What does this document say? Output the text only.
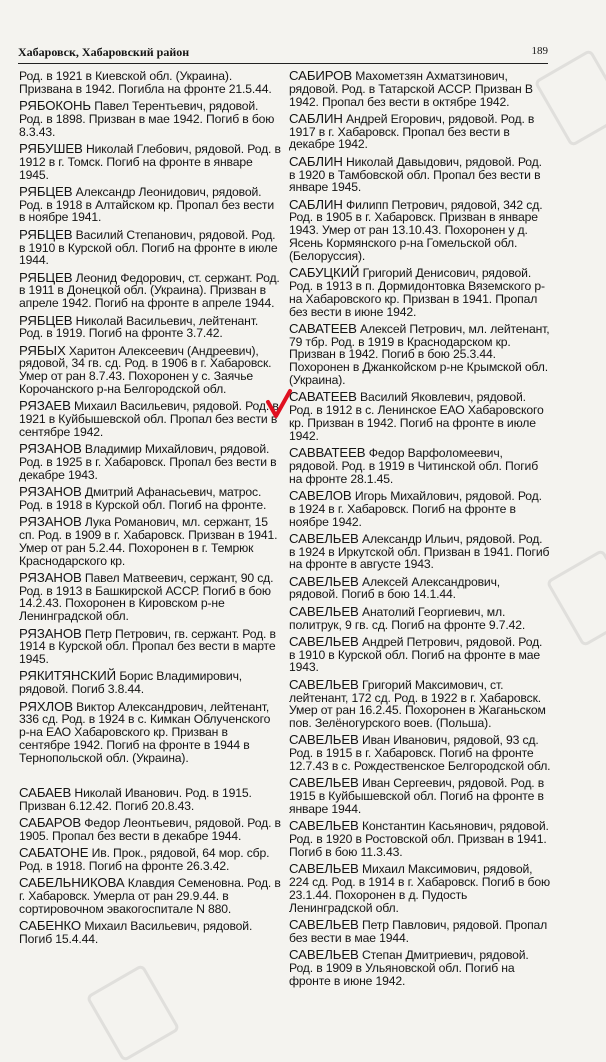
Хабаровск, Хабаровский район	189
Род. в 1921 в Киевской обл. (Украина). Призвана в 1942. Погибла на фронте 21.5.44.
РЯБОКОНЬ Павел Терентьевич, рядовой. Род. в 1898. Призван в мае 1942. Погиб в бою 8.3.43.
РЯБУШЕВ Николай Глебович, рядовой. Род. в 1912 в г. Томск. Погиб на фронте в январе 1945.
РЯБЦЕВ Александр Леонидович, рядовой. Род. в 1918 в Алтайском кр. Пропал без вести в ноябре 1941.
РЯБЦЕВ Василий Степанович, рядовой. Род. в 1910 в Курской обл. Погиб на фронте в июле 1944.
РЯБЦЕВ Леонид Федорович, ст. сержант. Род. в 1911 в Донецкой обл. (Украина). Призван в апреле 1942. Погиб на фронте в апреле 1944.
РЯБЦЕВ Николай Васильевич, лейтенант. Род. в 1919. Погиб на фронте 3.7.42.
РЯБЫХ Харитон Алексеевич (Андреевич), рядовой, 34 гв. сд. Род. в 1906 в г. Хабаровск. Умер от ран 8.7.43. Похоронен у с. Заячье Корочанского р-на Белгородской обл.
РЯЗАЕВ Михаил Васильевич, рядовой. Род. в 1921 в Куйбышевской обл. Пропал без вести в сентябре 1942.
РЯЗАНОВ Владимир Михайлович, рядовой. Род. в 1925 в г. Хабаровск. Пропал без вести в декабре 1943.
РЯЗАНОВ Дмитрий Афанасьевич, матрос. Род. в 1918 в Курской обл. Погиб на фронте.
РЯЗАНОВ Лука Романович, мл. сержант, 15 сп. Род. в 1909 в г. Хабаровск. Призван в 1941. Умер от ран 5.2.44. Похоронен в г. Темрюк Краснодарского кр.
РЯЗАНОВ Павел Матвеевич, сержант, 90 сд. Род. в 1913 в Башкирской АССР. Погиб в бою 14.2.43. Похоронен в Кировском р-не Ленинградской обл.
РЯЗАНОВ Петр Петрович, гв. сержант. Род. в 1914 в Курской обл. Пропал без вести в марте 1945.
РЯКИТЯНСКИЙ Борис Владимирович, рядовой. Погиб 3.8.44.
РЯХЛОВ Виктор Александрович, лейтенант, 336 сд. Род. в 1924 в с. Кимкан Облученского р-на ЕАО Хабаровского кр. Призван в сентябре 1942. Погиб на фронте в 1944 в Тернопольской обл. (Украина).
САБАЕВ Николай Иванович. Род. в 1915. Призван 6.12.42. Погиб 20.8.43.
САБАРОВ Федор Леонтьевич, рядовой. Род. в 1905. Пропал без вести в декабре 1944.
САБАТОНЕ Ив. Прок., рядовой, 64 мор. сбр. Род. в 1918. Погиб на фронте 26.3.42.
САБЕЛЬНИКОВА Клавдия Семеновна. Род. в г. Хабаровск. Умерла от ран 29.9.44. в сортировочном эвакогоспитале N 880.
САБЕНКО Михаил Васильевич, рядовой. Погиб 15.4.44.
САБИРОВ Махометзян Ахматзинович, рядовой. Род. в Татарской АССР. Призван В 1942. Пропал без вести в октябре 1942.
САБЛИН Андрей Егорович, рядовой. Род. в 1917 в г. Хабаровск. Пропал без вести в декабре 1942.
САБЛИН Николай Давыдович, рядовой. Род. в 1920 в Тамбовской обл. Пропал без вести в январе 1945.
САБЛИН Филипп Петрович, рядовой, 342 сд. Род. в 1905 в г. Хабаровск. Призван в январе 1943. Умер от ран 13.10.43. Похоронен у д. Ясень Кормянского р-на Гомельской обл. (Белоруссия).
САБУЦКИЙ Григорий Денисович, рядовой. Род. в 1913 в п. Дормидонтовка Вяземского р-на Хабаровского кр. Призван в 1941. Пропал без вести в июне 1942.
САВАТЕЕВ Алексей Петрович, мл. лейтенант, 79 тбр. Род. в 1919 в Краснодарском кр. Призван в 1942. Погиб в бою 25.3.44. Похоронен в Джанкойском р-не Крымской обл. (Украина).
САВАТЕЕВ Василий Яковлевич, рядовой. Род. в 1912 в с. Ленинское ЕАО Хабаровского кр. Призван в 1942. Погиб на фронте в июле 1942.
САВВАТЕЕВ Федор Варфоломеевич, рядовой. Род. в 1919 в Читинской обл. Погиб на фронте 28.1.45.
САВЕЛОВ Игорь Михайлович, рядовой. Род. в 1924 в г. Хабаровск. Погиб на фронте в ноябре 1942.
САВЕЛЬЕВ Александр Ильич, рядовой. Род. в 1924 в Иркутской обл. Призван в 1941. Погиб на фронте в августе 1943.
САВЕЛЬЕВ Алексей Александрович, рядовой. Погиб в бою 14.1.44.
САВЕЛЬЕВ Анатолий Георгиевич, мл. политрук, 9 гв. сд. Погиб на фронте 9.7.42.
САВЕЛЬЕВ Андрей Петрович, рядовой. Род. в 1910 в Курской обл. Погиб на фронте в мае 1943.
САВЕЛЬЕВ Григорий Максимович, ст. лейтенант, 172 сд. Род. в 1922 в г. Хабаровск. Умер от ран 16.2.45. Похоронен в Жаганьском пов. Зелёногурского воев. (Польша).
САВЕЛЬЕВ Иван Иванович, рядовой, 93 сд. Род. в 1915 в г. Хабаровск. Погиб на фронте 12.7.43 в с. Рождественское Белгородской обл.
САВЕЛЬЕВ Иван Сергеевич, рядовой. Род. в 1915 в Куйбышевской обл. Погиб на фронте в январе 1944.
САВЕЛЬЕВ Константин Касьянович, рядовой. Род. в 1920 в Ростовской обл. Призван в 1941. Погиб в бою 11.3.43.
САВЕЛЬЕВ Михаил Максимович, рядовой, 224 сд. Род. в 1914 в г. Хабаровск. Погиб в бою 23.1.44. Похоронен в д. Пудость Ленинградской обл.
САВЕЛЬЕВ Петр Павлович, рядовой. Пропал без вести в мае 1944.
САВЕЛЬЕВ Степан Дмитриевич, рядовой. Род. в 1909 в Ульяновской обл. Погиб на фронте в июне 1942.
